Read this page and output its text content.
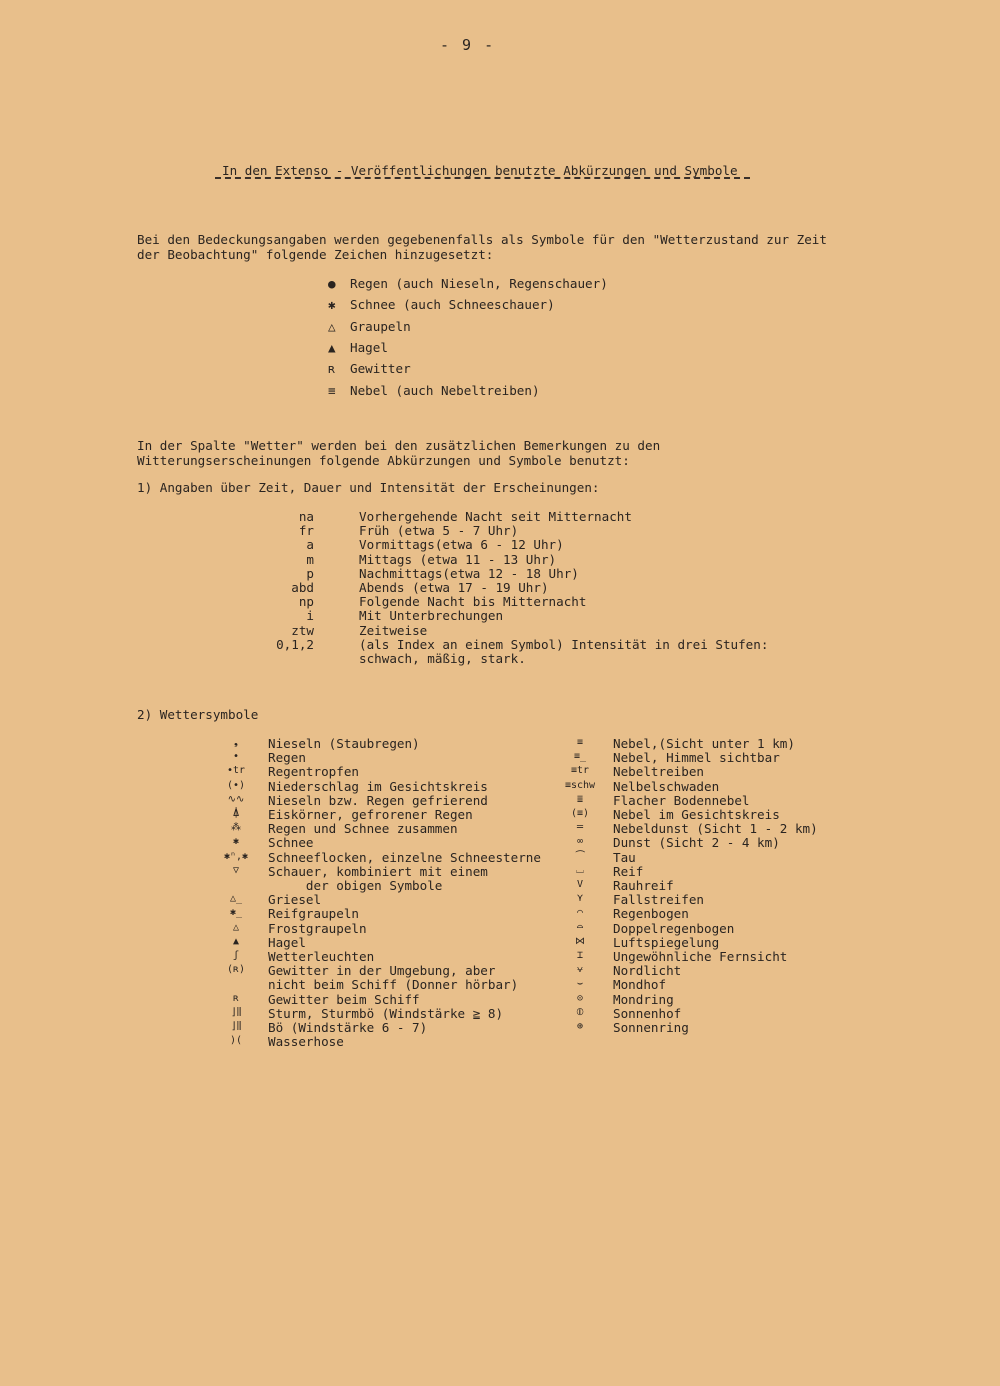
- 9 -
In den Extenso - Veröffentlichungen benutzte Abkürzungen und Symbole
Bei den Bedeckungsangaben werden gegebenenfalls als Symbole für den "Wetterzustand zur Zeit der Beobachtung" folgende Zeichen hinzugesetzt:
● Regen (auch Nieseln, Regenschauer)
✱ Schnee (auch Schneeschauer)
△ Graupeln
▲ Hagel
ʀ Gewitter
≡ Nebel (auch Nebeltreiben)
In der Spalte "Wetter" werden bei den zusätzlichen Bemerkungen zu den Witterungserscheinungen folgende Abkürzungen und Symbole benutzt:
1) Angaben über Zeit, Dauer und Intensität der Erscheinungen:
na	Vorhergehende Nacht seit Mitternacht
fr	Früh (etwa 5 - 7 Uhr)
a	Vormittags(etwa 6 - 12 Uhr)
m	Mittags (etwa 11 - 13 Uhr)
p	Nachmittags(etwa 12 - 18 Uhr)
abd	Abends (etwa 17 - 19 Uhr)
np	Folgende Nacht bis Mitternacht
i	Mit Unterbrechungen
ztw	Zeitweise
0,1,2	(als Index an einem Symbol) Intensität in drei Stufen:
schwach, mäßig, stark.
2) Wettersymbole
❟	Nieseln (Staubregen)
•	Regen
•tr	Regentropfen
(•)	Niederschlag im Gesichtskreis
∿∿	Nieseln bzw. Regen gefrierend
⍋	Eiskörner, gefrorener Regen
⁂	Regen und Schnee zusammen
✱	Schnee
✱ⁿ,✱	Schneeflocken, einzelne Schneesterne
▽	Schauer, kombiniert mit einem
der obigen Symbole
△̲	Griesel
✱̲	Reifgraupeln
△	Frostgraupeln
▲	Hagel
ʃ	Wetterleuchten
(ʀ)	Gewitter in der Umgebung, aber
nicht beim Schiff (Donner hörbar)
ʀ	Gewitter beim Schiff
⌋⫼	Sturm, Sturmbö (Windstärke ≧ 8)
⌋⫼	Bö (Windstärke 6 - 7)
)(	Wasserhose
≡	Nebel,(Sicht unter 1 km)
≡̲	Nebel, Himmel sichtbar
≡tr	Nebeltreiben
≡schw	Nelbelschwaden
≣	Flacher Bodennebel
(≡)	Nebel im Gesichtskreis
═	Nebeldunst (Sicht 1 - 2 km)
∞	Dunst (Sicht 2 - 4 km)
⏜	Tau
⌴	Reif
V	Rauhreif
⋎	Fallstreifen
⌒	Regenbogen
⌓	Doppelregenbogen
⋈	Luftspiegelung
⌶	Ungewöhnliche Fernsicht
⩝	Nordlicht
⌣	Mondhof
⊝	Mondring
⦶	Sonnenhof
⊕	Sonnenring
